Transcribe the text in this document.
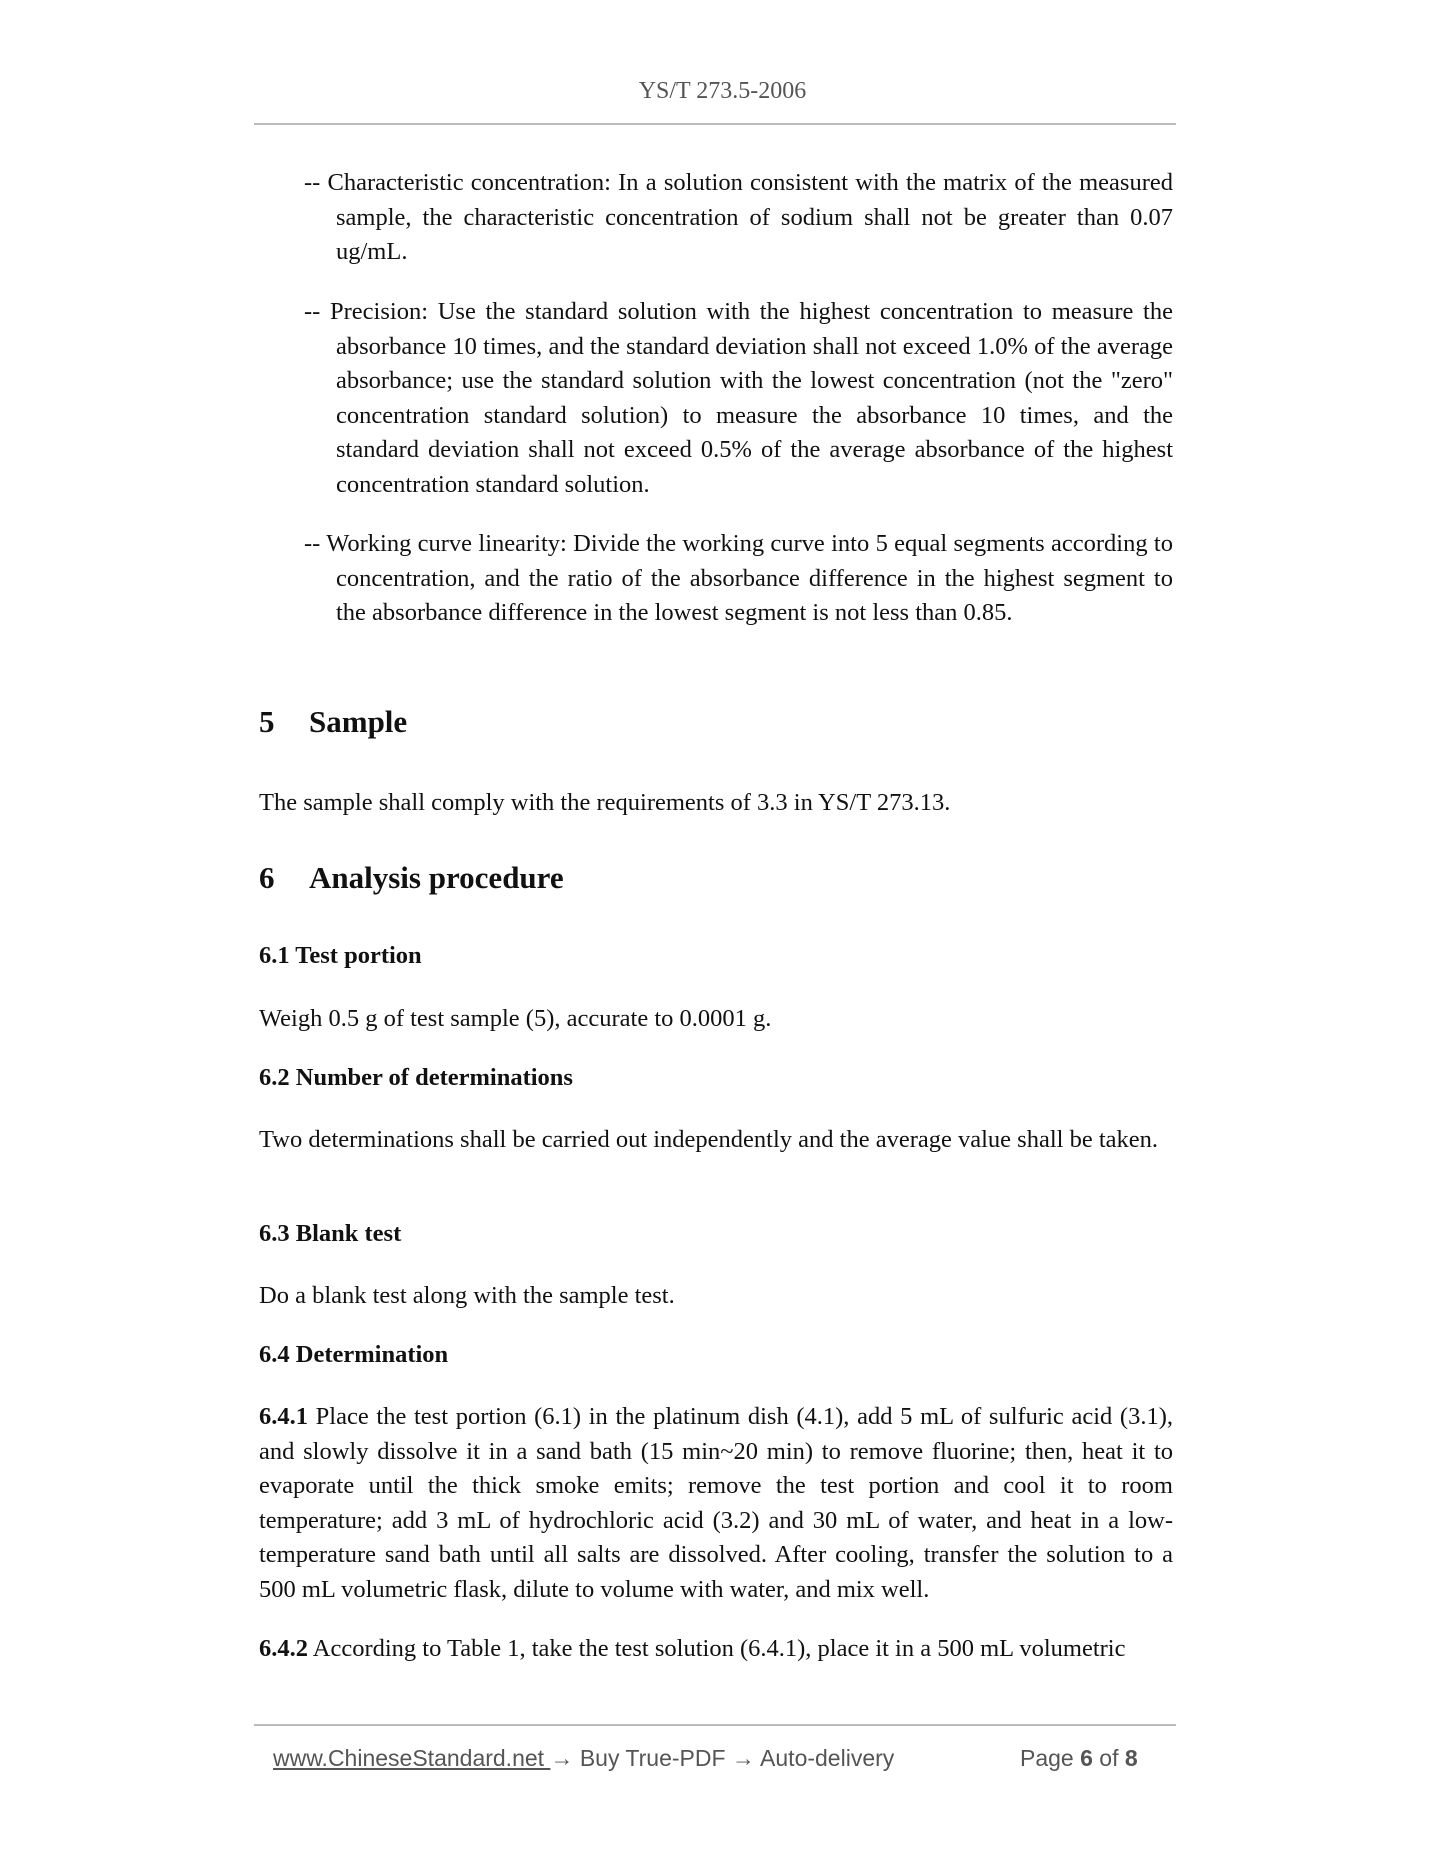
YS/T 273.5-2006
-- Characteristic concentration: In a solution consistent with the matrix of the measured sample, the characteristic concentration of sodium shall not be greater than 0.07 ug/mL.
-- Precision: Use the standard solution with the highest concentration to measure the absorbance 10 times, and the standard deviation shall not exceed 1.0% of the average absorbance; use the standard solution with the lowest concentration (not the "zero" concentration standard solution) to measure the absorbance 10 times, and the standard deviation shall not exceed 0.5% of the average absorbance of the highest concentration standard solution.
-- Working curve linearity: Divide the working curve into 5 equal segments according to concentration, and the ratio of the absorbance difference in the highest segment to the absorbance difference in the lowest segment is not less than 0.85.
5 Sample
The sample shall comply with the requirements of 3.3 in YS/T 273.13.
6 Analysis procedure
6.1 Test portion
Weigh 0.5 g of test sample (5), accurate to 0.0001 g.
6.2 Number of determinations
Two determinations shall be carried out independently and the average value shall be taken.
6.3 Blank test
Do a blank test along with the sample test.
6.4 Determination
6.4.1 Place the test portion (6.1) in the platinum dish (4.1), add 5 mL of sulfuric acid (3.1), and slowly dissolve it in a sand bath (15 min~20 min) to remove fluorine; then, heat it to evaporate until the thick smoke emits; remove the test portion and cool it to room temperature; add 3 mL of hydrochloric acid (3.2) and 30 mL of water, and heat in a low-temperature sand bath until all salts are dissolved. After cooling, transfer the solution to a 500 mL volumetric flask, dilute to volume with water, and mix well.
6.4.2 According to Table 1, take the test solution (6.4.1), place it in a 500 mL volumetric
www.ChineseStandard.net → Buy True-PDF → Auto-delivery	Page 6 of 8
